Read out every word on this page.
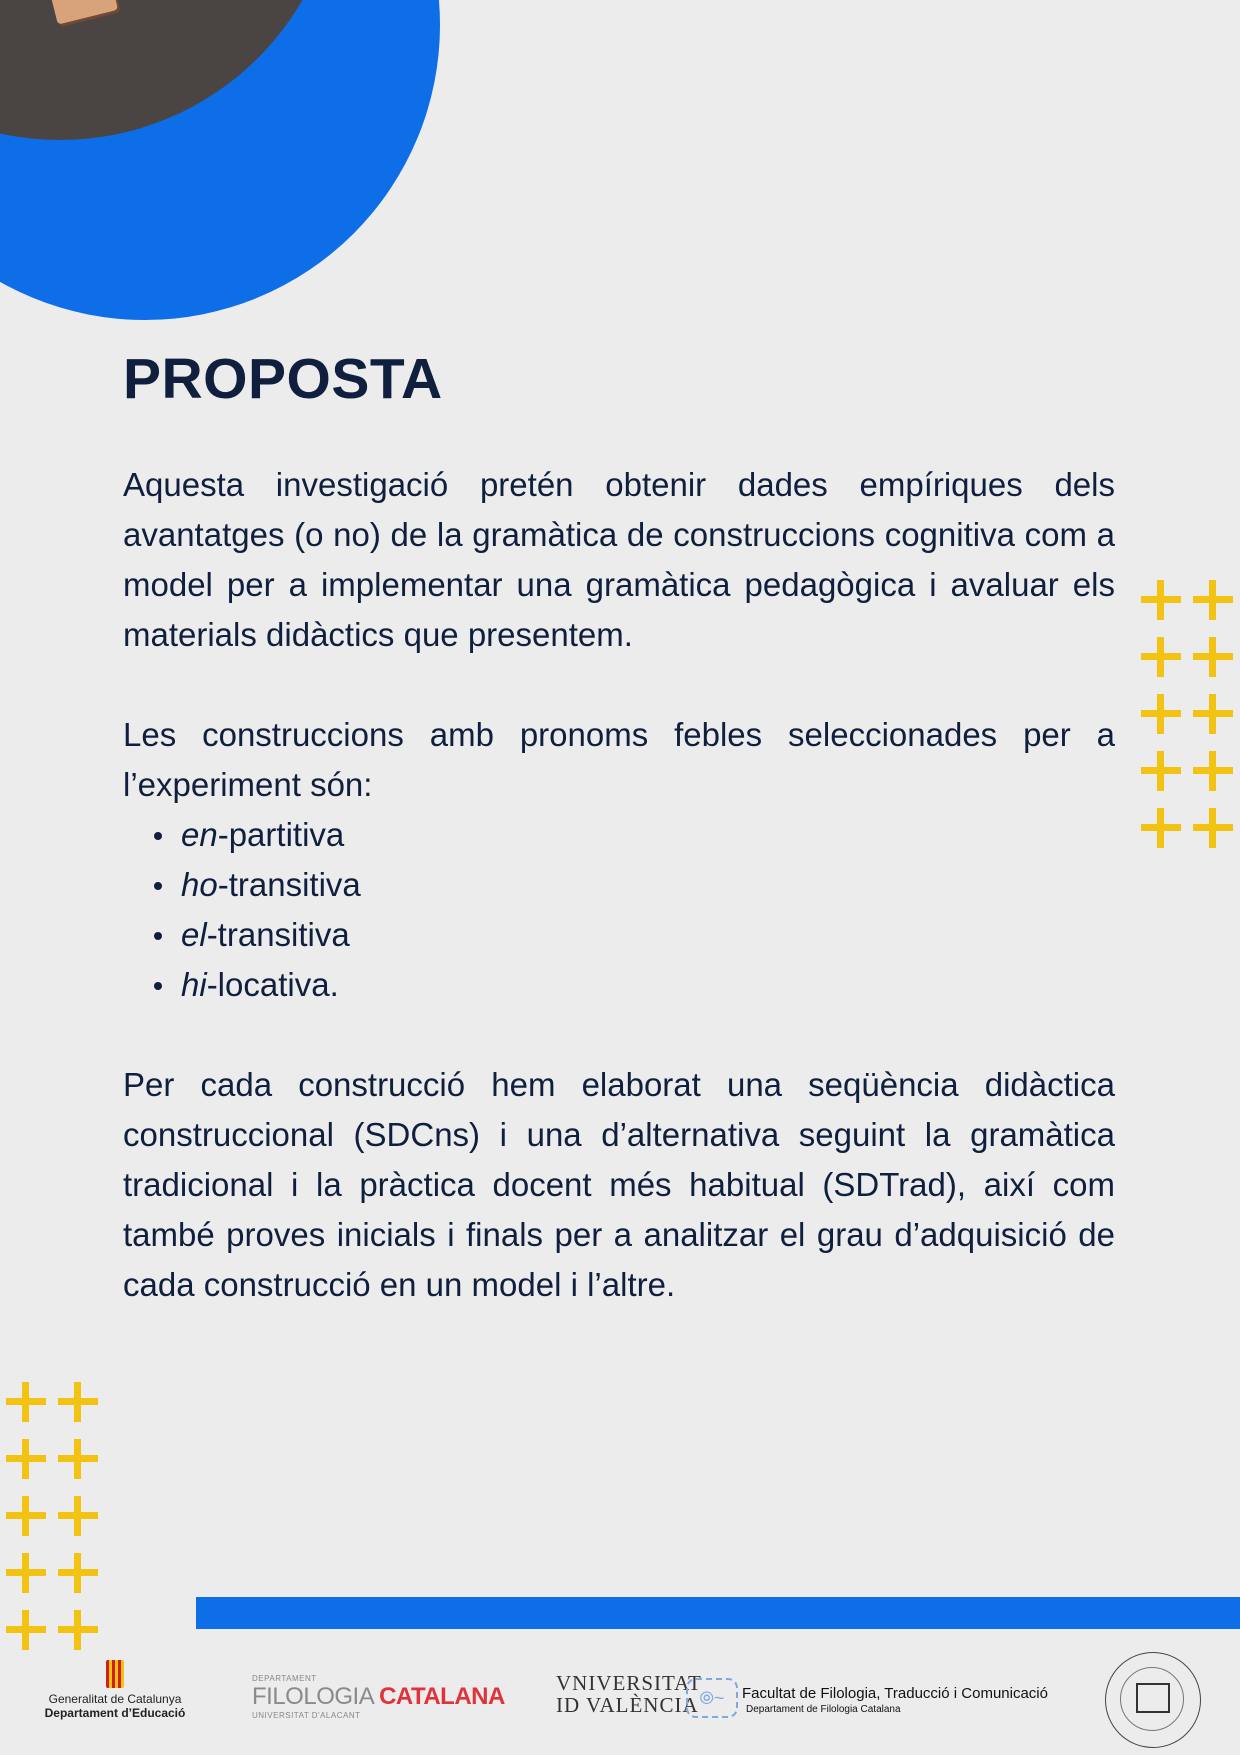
PROPOSTA

Aquesta investigació pretén obtenir dades empíriques dels avantatges (o no) de la gramàtica de construccions cognitiva com a model per a implementar una gramàtica pedagògica i avaluar els materials didàctics que presentem.

Les construccions amb pronoms febles seleccionades per a l’experiment són:

en-partitiva
ho-transitiva
el-transitiva
hi-locativa.

Per cada construcció hem elaborat una seqüència didàctica construccional (SDCns) i una d’alternativa seguint la gramàtica tradicional i la pràctica docent més habitual (SDTrad), així com també proves inicials i finals per a analitzar el grau d’adquisició de cada construcció en un model i l’altre.

Generalitat de Catalunya
Departament d’Educació
DEPARTAMENT
FILOLOGIA CATALANA
UNIVERSITAT D'ALACANT
VNIVERSITAT
ID VALÈNCIA ⦾~	Facultat de Filologia, Traducció i Comunicació
Departament de Filologia Catalana
